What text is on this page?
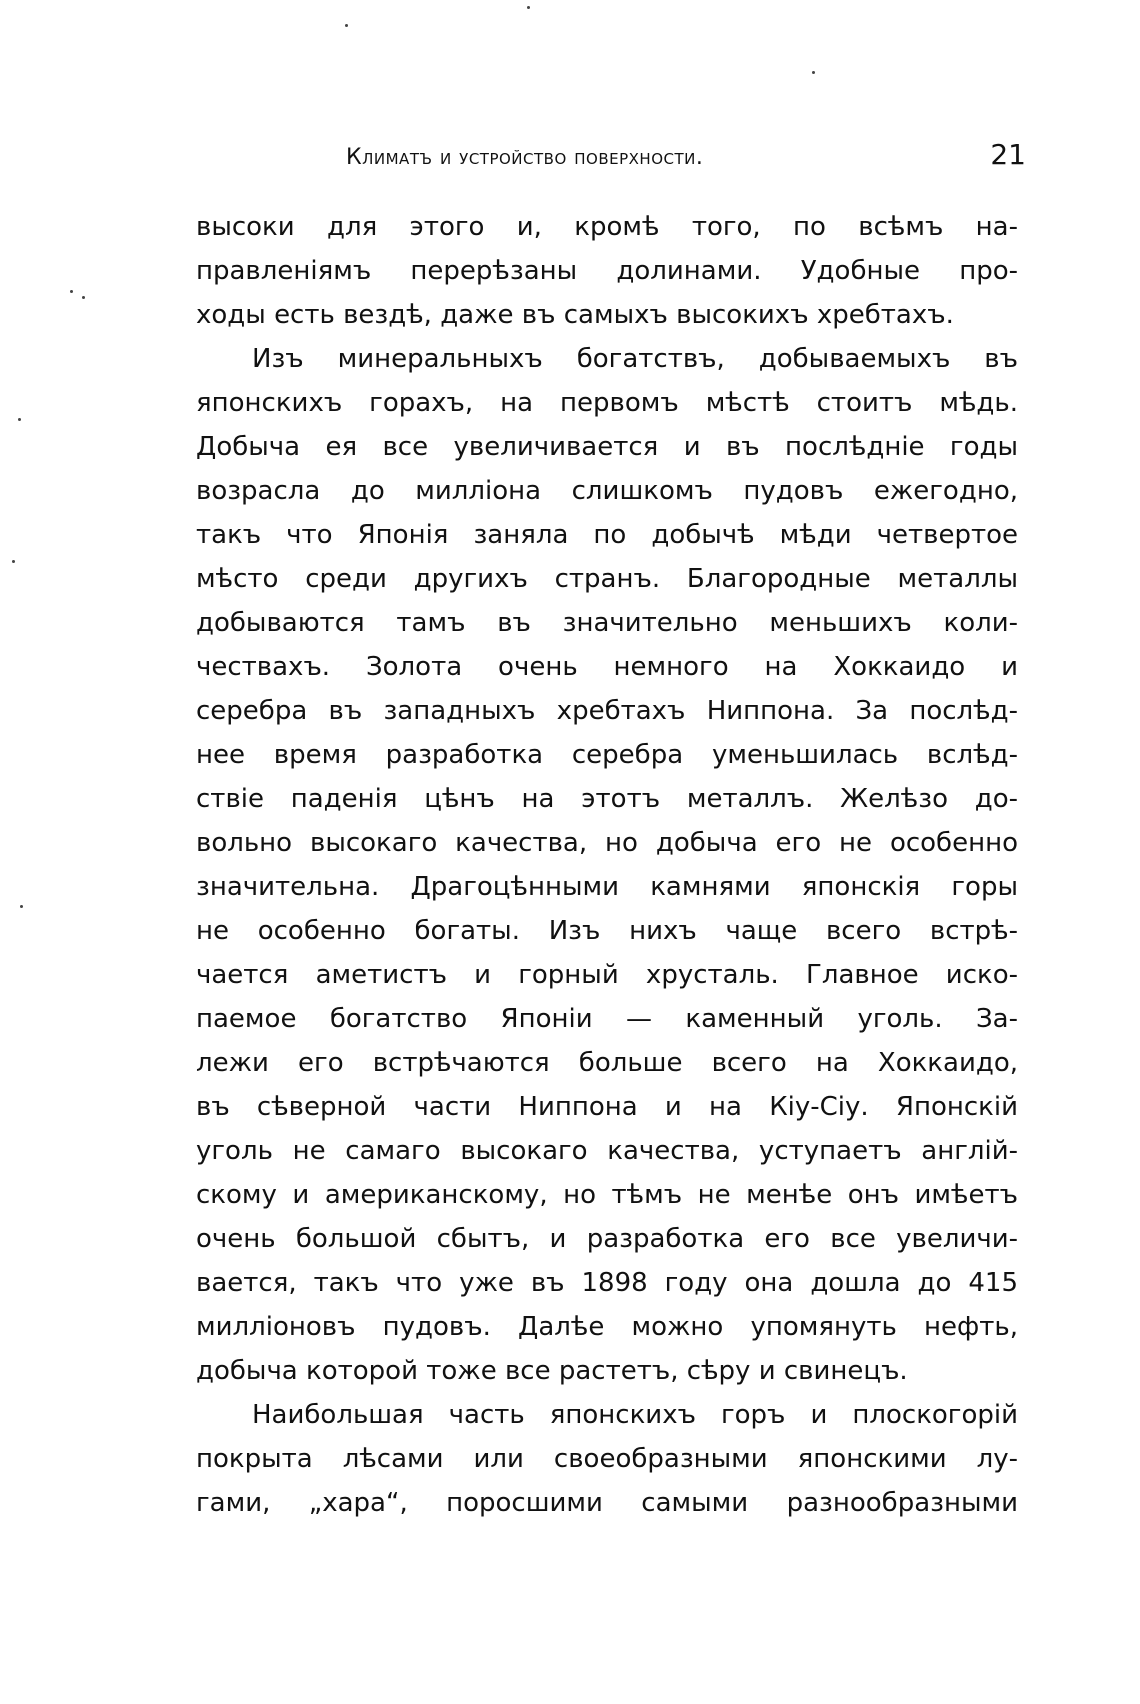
Климатъ и устройство поверхности.	21
высоки для этого и, кромѣ того, по всѣмъ на-
правленіямъ перерѣзаны долинами. Удобные про-
ходы есть вездѣ, даже въ самыхъ высокихъ хребтахъ.
Изъ минеральныхъ богатствъ, добываемыхъ въ
японскихъ горахъ, на первомъ мѣстѣ стоитъ мѣдь.
Добыча ея все увеличивается и въ послѣдніе годы
возрасла до милліона слишкомъ пудовъ ежегодно,
такъ что Японія заняла по добычѣ мѣди четвертое
мѣсто среди другихъ странъ. Благородные металлы
добываются тамъ въ значительно меньшихъ коли-
чествахъ. Золота очень немного на Хоккаидо и
серебра въ западныхъ хребтахъ Ниппона. За послѣд-
нее время разработка серебра уменьшилась вслѣд-
ствіе паденія цѣнъ на этотъ металлъ. Желѣзо до-
вольно высокаго качества, но добыча его не особенно
значительна. Драгоцѣнными камнями японскія горы
не особенно богаты. Изъ нихъ чаще всего встрѣ-
чается аметистъ и горный хрусталь. Главное иско-
паемое богатство Японіи — каменный уголь. За-
лежи его встрѣчаются больше всего на Хоккаидо,
въ сѣверной части Ниппона и на Кіу-Сіу. Японскій
уголь не самаго высокаго качества, уступаетъ англій-
скому и американскому, но тѣмъ не менѣе онъ имѣетъ
очень большой сбытъ, и разработка его все увеличи-
вается, такъ что уже въ 1898 году она дошла до 415
милліоновъ пудовъ. Далѣе можно упомянуть нефть,
добыча которой тоже все растетъ, сѣру и свинецъ.
Наибольшая часть японскихъ горъ и плоскогорій
покрыта лѣсами или своеобразными японскими лу-
гами, „хара“, поросшими самыми разнообразными
